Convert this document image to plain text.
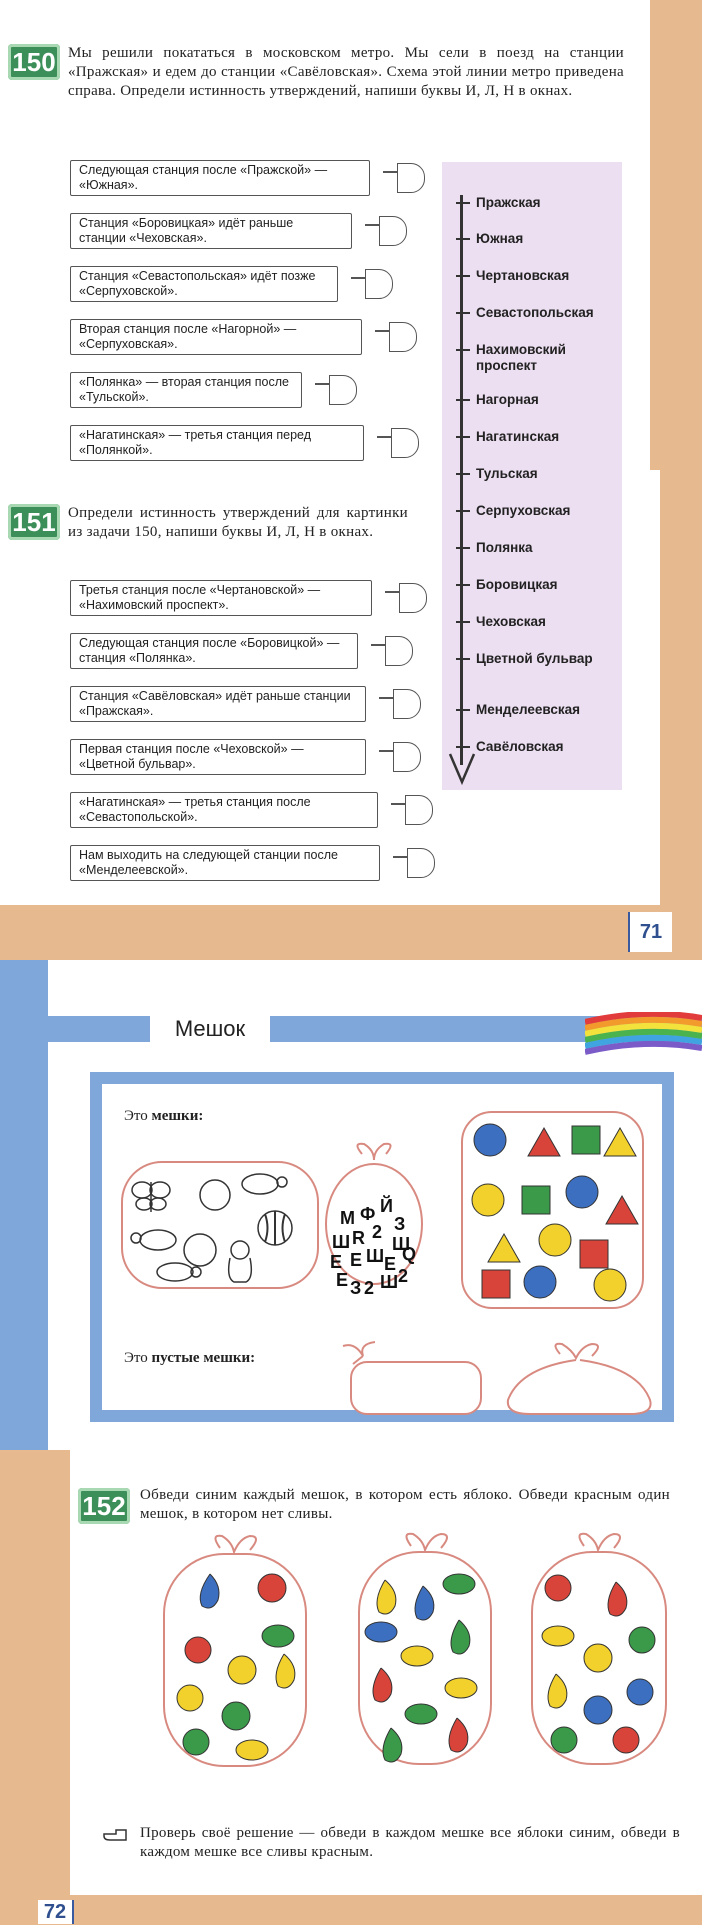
71
150 Мы решили покататься в московском метро. Мы сели в поезд на станции «Пражская» и едем до станции «Савёловская». Схема этой линии метро приведена справа. Определи истинность утверждений, напиши буквы И, Л, Н в окнах.
Следующая станция после «Пражской» — «Южная».
Станция «Боровицкая» идёт раньше станции «Чеховская».
Станция «Севастопольская» идёт позже «Серпуховской».
Вторая станция после «Нагорной» — «Серпуховская».
«Полянка» — вторая станция после «Тульской».
«Нагатинская» — третья станция перед «Полянкой».
Пражская
Южная
Чертановская
Севастопольская
Нахимовский проспект
Нагорная
Нагатинская
Тульская
Серпуховская
Полянка
Боровицкая
Чеховская
Цветной бульвар
Менделеевская
Савёловская
151 Определи истинность утверждений для картинки из задачи 150, напиши буквы И, Л, Н в окнах.
Третья станция после «Чертановской» — «Нахимовский проспект».
Следующая станция после «Боровицкой» — станция «Полянка».
Станция «Савёловская» идёт раньше станции «Пражская».
Первая станция после «Чеховской» — «Цветной бульвар».
«Нагатинская» — третья станция после «Севастопольской».
Нам выходить на следующей станции после «Менделеевской».
Мешок
Это мешки:
Это пустые мешки:
152 Обведи синим каждый мешок, в котором есть яблоко. Обведи красным один мешок, в котором нет сливы.
Проверь своё решение — обведи в каждом мешке все яблоки синим, обведи в каждом мешке все сливы красным.
72
М Ф Й
З
Ш R 2
Ш
Е Е Ш Е Q
2
Е З 2 Ш
